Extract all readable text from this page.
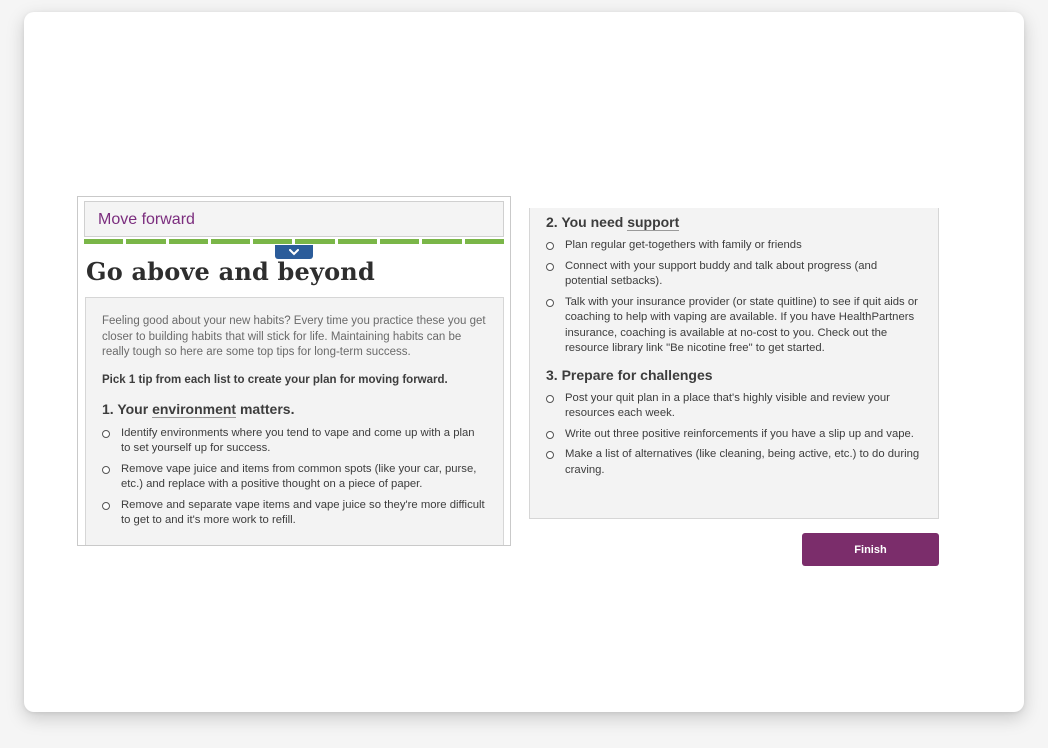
Move forward
Go above and beyond

Feeling good about your new habits? Every time you practice these you get closer to building habits that will stick for life. Maintaining habits can be really tough so here are some top tips for long-term success.

Pick 1 tip from each list to create your plan for moving forward.

1. Your environment matters.
Identify environments where you tend to vape and come up with a plan to set yourself up for success.
Remove vape juice and items from common spots (like your car, purse, etc.) and replace with a positive thought on a piece of paper.
Remove and separate vape items and vape juice so they're more difficult to get to and it's more work to refill.
2. You need support
Plan regular get-togethers with family or friends
Connect with your support buddy and talk about progress (and potential setbacks).
Talk with your insurance provider (or state quitline) to see if quit aids or coaching to help with vaping are available. If you have HealthPartners insurance, coaching is available at no-cost to you. Check out the resource library link "Be nicotine free" to get started.
3. Prepare for challenges
Post your quit plan in a place that's highly visible and review your resources each week.
Write out three positive reinforcements if you have a slip up and vape.
Make a list of alternatives (like cleaning, being active, etc.) to do during craving.
Finish
